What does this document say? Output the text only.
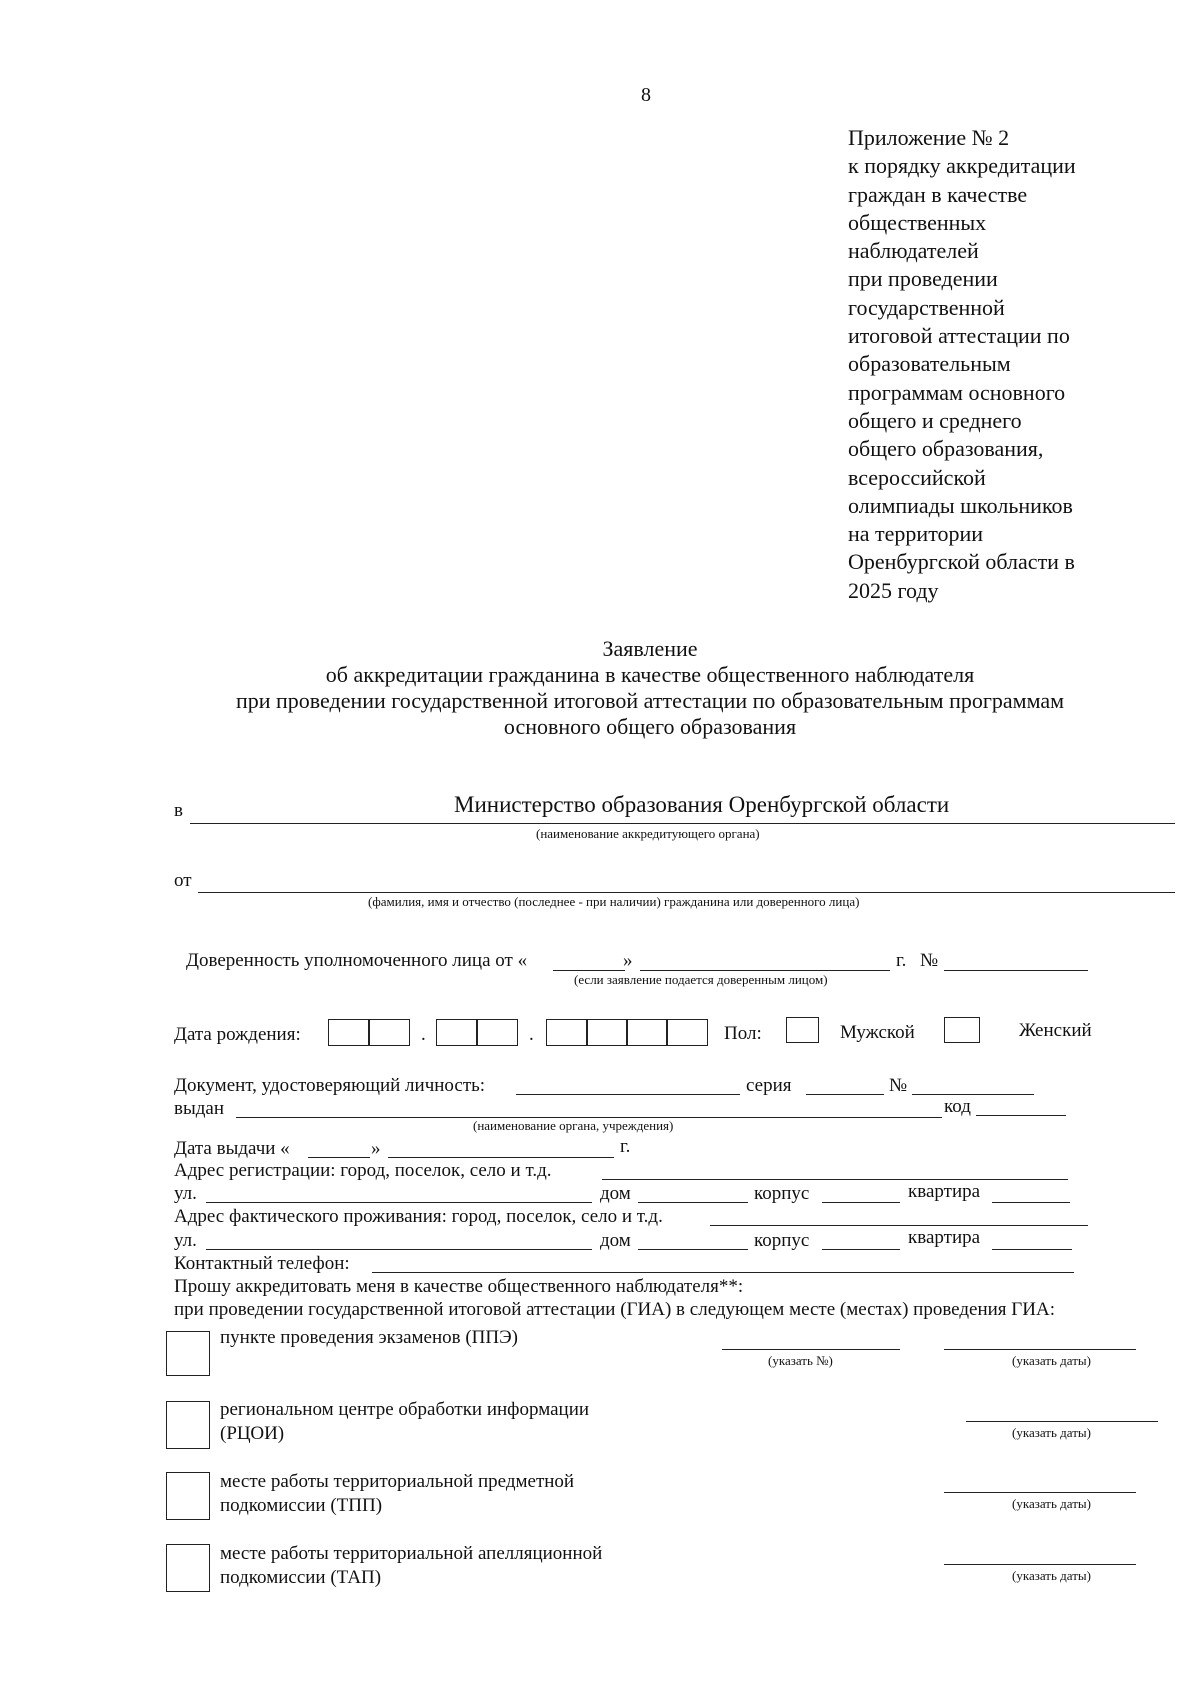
8
Приложение № 2
к порядку аккредитации
граждан в качестве
общественных
наблюдателей
при проведении
государственной
итоговой аттестации по
образовательным
программам основного
общего и среднего
общего образования,
всероссийской
олимпиады школьников
на территории
Оренбургской области в
2025 году
Заявление
об аккредитации гражданина в качестве общественного наблюдателя
при проведении государственной итоговой аттестации по образовательным программам
основного общего образования
в	Министерство образования Оренбургской области
(наименование аккредитующего органа)
от
(фамилия, имя и отчество (последнее - при наличии) гражданина или доверенного лица)
Доверенность уполномоченного лица от «	»	г. №
(если заявление подается доверенным лицом)
Дата рождения:	.	.	Пол:	Мужской	Женский
Документ, удостоверяющий личность:	серия	№
выдан	код
(наименование органа, учреждения)
Дата выдачи «	»	г.
Адрес регистрации: город, поселок, село и т.д.
ул.	дом	корпус	квартира
Адрес фактического проживания: город, поселок, село и т.д.
ул.	дом	корпус	квартира
Контактный телефон:
Прошу аккредитовать меня в качестве общественного наблюдателя**:
при проведении государственной итоговой аттестации (ГИА) в следующем месте (местах) проведения ГИА:
пункте проведения экзаменов (ППЭ)
(указать №)	(указать даты)
региональном центре обработки информации
(РЦОИ)	(указать даты)
месте работы территориальной предметной
подкомиссии (ТПП)	(указать даты)
месте работы территориальной апелляционной
подкомиссии (ТАП)	(указать даты)
